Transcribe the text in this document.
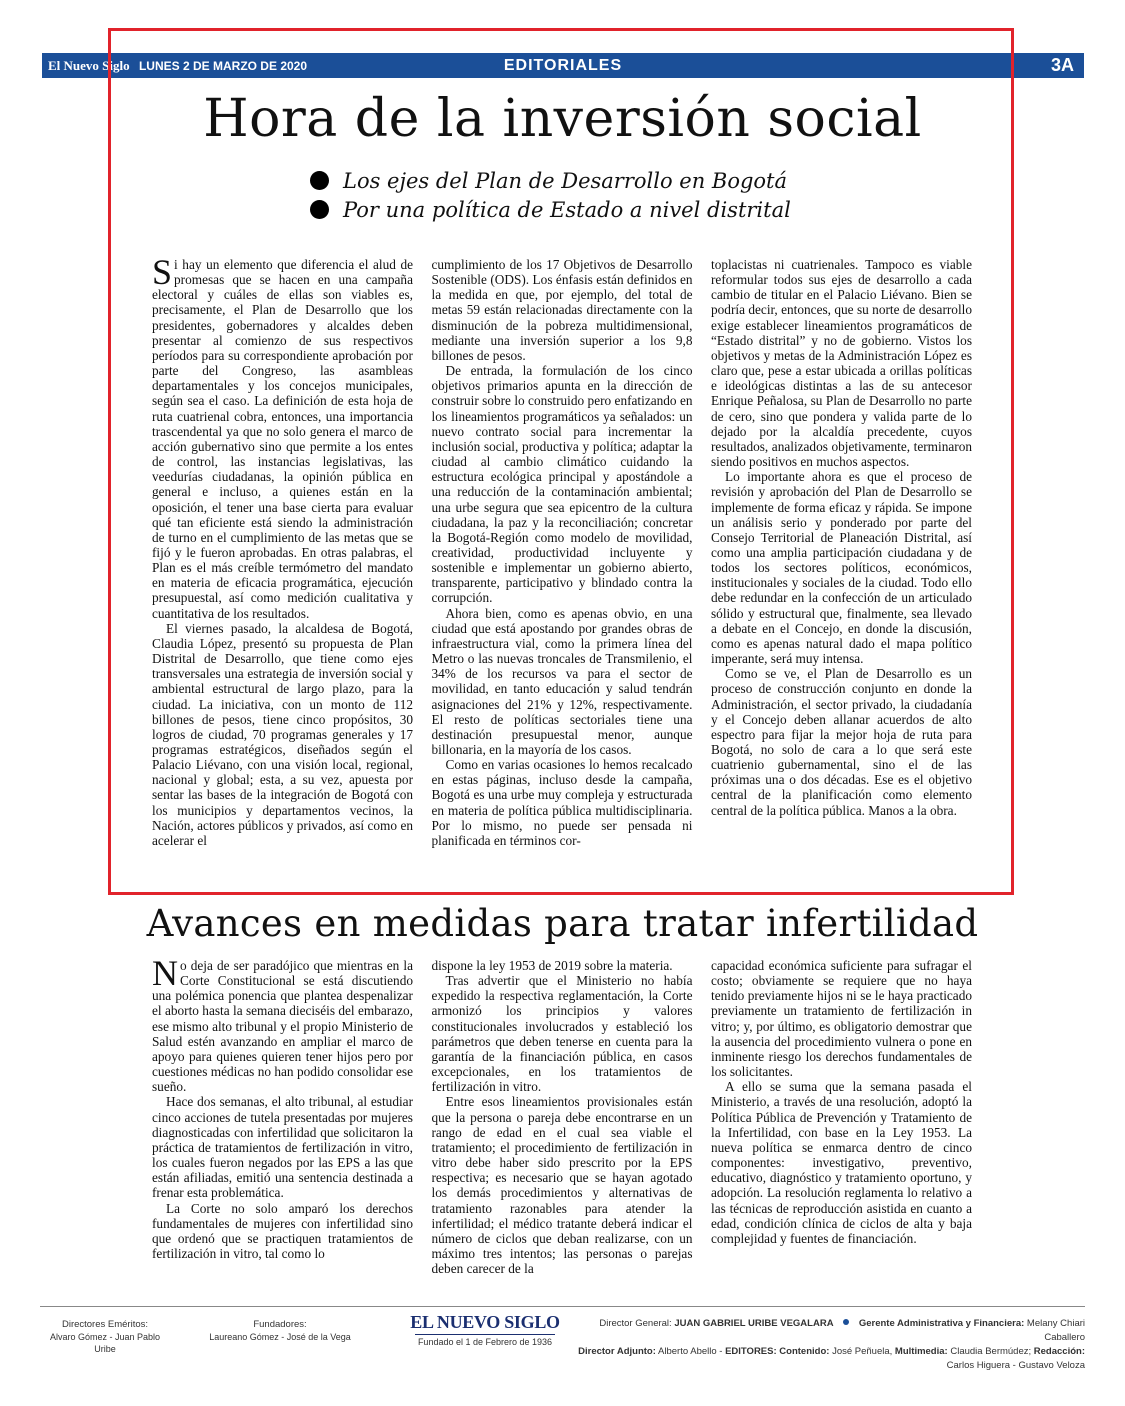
El Nuevo Siglo LUNES 2 DE MARZO DE 2020	EDITORIALES	3A
Hora de la inversión social
Los ejes del Plan de Desarrollo en Bogotá
Por una política de Estado a nivel distrital

Si hay un elemento que diferencia el alud de promesas que se hacen en una campaña electoral y cuáles de ellas son viables es, precisamente, el Plan de Desarrollo que los presidentes, gobernadores y alcaldes deben presentar al comienzo de sus respectivos períodos para su correspondiente aprobación por parte del Congreso, las asambleas departamentales y los concejos municipales, según sea el caso. La definición de esta hoja de ruta cuatrienal cobra, entonces, una importancia trascendental ya que no solo genera el marco de acción gubernativo sino que permite a los entes de control, las instancias legislativas, las veedurías ciudadanas, la opinión pública en general e incluso, a quienes están en la oposición, el tener una base cierta para evaluar qué tan eficiente está siendo la administración de turno en el cumplimiento de las metas que se fijó y le fueron aprobadas. En otras palabras, el Plan es el más creíble termómetro del mandato en materia de eficacia programática, ejecución presupuestal, así como medición cualitativa y cuantitativa de los resultados.

El viernes pasado, la alcaldesa de Bogotá, Claudia López, presentó su propuesta de Plan Distrital de Desarrollo, que tiene como ejes transversales una estrategia de inversión social y ambiental estructural de largo plazo, para la ciudad. La iniciativa, con un monto de 112 billones de pesos, tiene cinco propósitos, 30 logros de ciudad, 70 programas generales y 17 programas estratégicos, diseñados según el Palacio Liévano, con una visión local, regional, nacional y global; esta, a su vez, apuesta por sentar las bases de la integración de Bogotá con los municipios y departamentos vecinos, la Nación, actores públicos y privados, así como en acelerar el

cumplimiento de los 17 Objetivos de Desarrollo Sostenible (ODS). Los énfasis están definidos en la medida en que, por ejemplo, del total de metas 59 están relacionadas directamente con la disminución de la pobreza multidimensional, mediante una inversión superior a los 9,8 billones de pesos.

De entrada, la formulación de los cinco objetivos primarios apunta en la dirección de construir sobre lo construido pero enfatizando en los lineamientos programáticos ya señalados: un nuevo contrato social para incrementar la inclusión social, productiva y política; adaptar la ciudad al cambio climático cuidando la estructura ecológica principal y apostándole a una reducción de la contaminación ambiental; una urbe segura que sea epicentro de la cultura ciudadana, la paz y la reconciliación; concretar la Bogotá-Región como modelo de movilidad, creatividad, productividad incluyente y sostenible e implementar un gobierno abierto, transparente, participativo y blindado contra la corrupción.

Ahora bien, como es apenas obvio, en una ciudad que está apostando por grandes obras de infraestructura vial, como la primera línea del Metro o las nuevas troncales de Transmilenio, el 34% de los recursos va para el sector de movilidad, en tanto educación y salud tendrán asignaciones del 21% y 12%, respectivamente. El resto de políticas sectoriales tiene una destinación presupuestal menor, aunque billonaria, en la mayoría de los casos.

Como en varias ocasiones lo hemos recalcado en estas páginas, incluso desde la campaña, Bogotá es una urbe muy compleja y estructurada en materia de política pública multidisciplinaria. Por lo mismo, no puede ser pensada ni planificada en términos cor-

toplacistas ni cuatrienales. Tampoco es viable reformular todos sus ejes de desarrollo a cada cambio de titular en el Palacio Liévano. Bien se podría decir, entonces, que su norte de desarrollo exige establecer lineamientos programáticos de “Estado distrital” y no de gobierno. Vistos los objetivos y metas de la Administración López es claro que, pese a estar ubicada a orillas políticas e ideológicas distintas a las de su antecesor Enrique Peñalosa, su Plan de Desarrollo no parte de cero, sino que pondera y valida parte de lo dejado por la alcaldía precedente, cuyos resultados, analizados objetivamente, terminaron siendo positivos en muchos aspectos.

Lo importante ahora es que el proceso de revisión y aprobación del Plan de Desarrollo se implemente de forma eficaz y rápida. Se impone un análisis serio y ponderado por parte del Consejo Territorial de Planeación Distrital, así como una amplia participación ciudadana y de todos los sectores políticos, económicos, institucionales y sociales de la ciudad. Todo ello debe redundar en la confección de un articulado sólido y estructural que, finalmente, sea llevado a debate en el Concejo, en donde la discusión, como es apenas natural dado el mapa político imperante, será muy intensa.

Como se ve, el Plan de Desarrollo es un proceso de construcción conjunto en donde la Administración, el sector privado, la ciudadanía y el Concejo deben allanar acuerdos de alto espectro para fijar la mejor hoja de ruta para Bogotá, no solo de cara a lo que será este cuatrienio gubernamental, sino el de las próximas una o dos décadas. Ese es el objetivo central de la planificación como elemento central de la política pública. Manos a la obra.

Avances en medidas para tratar infertilidad

No deja de ser paradójico que mientras en la Corte Constitucional se está discutiendo una polémica ponencia que plantea despenalizar el aborto hasta la semana dieciséis del embarazo, ese mismo alto tribunal y el propio Ministerio de Salud estén avanzando en ampliar el marco de apoyo para quienes quieren tener hijos pero por cuestiones médicas no han podido consolidar ese sueño.

Hace dos semanas, el alto tribunal, al estudiar cinco acciones de tutela presentadas por mujeres diagnosticadas con infertilidad que solicitaron la práctica de tratamientos de fertilización in vitro, los cuales fueron negados por las EPS a las que están afiliadas, emitió una sentencia destinada a frenar esta problemática.

La Corte no solo amparó los derechos fundamentales de mujeres con infertilidad sino que ordenó que se practiquen tratamientos de fertilización in vitro, tal como lo

dispone la ley 1953 de 2019 sobre la materia.

Tras advertir que el Ministerio no había expedido la respectiva reglamentación, la Corte armonizó los principios y valores constitucionales involucrados y estableció los parámetros que deben tenerse en cuenta para la garantía de la financiación pública, en casos excepcionales, en los tratamientos de fertilización in vitro.

Entre esos lineamientos provisionales están que la persona o pareja debe encontrarse en un rango de edad en el cual sea viable el tratamiento; el procedimiento de fertilización in vitro debe haber sido prescrito por la EPS respectiva; es necesario que se hayan agotado los demás procedimientos y alternativas de tratamiento razonables para atender la infertilidad; el médico tratante deberá indicar el número de ciclos que deban realizarse, con un máximo tres intentos; las personas o parejas deben carecer de la

capacidad económica suficiente para sufragar el costo; obviamente se requiere que no haya tenido previamente hijos ni se le haya practicado previamente un tratamiento de fertilización in vitro; y, por último, es obligatorio demostrar que la ausencia del procedimiento vulnera o pone en inminente riesgo los derechos fundamentales de los solicitantes.

A ello se suma que la semana pasada el Ministerio, a través de una resolución, adoptó la Política Pública de Prevención y Tratamiento de la Infertilidad, con base en la Ley 1953. La nueva política se enmarca dentro de cinco componentes: investigativo, preventivo, educativo, diagnóstico y tratamiento oportuno, y adopción. La resolución reglamenta lo relativo a las técnicas de reproducción asistida en cuanto a edad, condición clínica de ciclos de alta y baja complejidad y fuentes de financiación.

Directores Eméritos:
Alvaro Gómez - Juan Pablo Uribe
Fundadores:
Laureano Gómez - José de la Vega
EL NUEVO SIGLO
Fundado el 1 de Febrero de 1936
Director General: JUAN GABRIEL URIBE VEGALARA	Gerente Administrativa y Financiera: Melany Chiari Caballero
Director Adjunto: Alberto Abello - EDITORES: Contenido: José Peñuela, Multimedia: Claudia Bermúdez; Redacción: Carlos Higuera - Gustavo Veloza
